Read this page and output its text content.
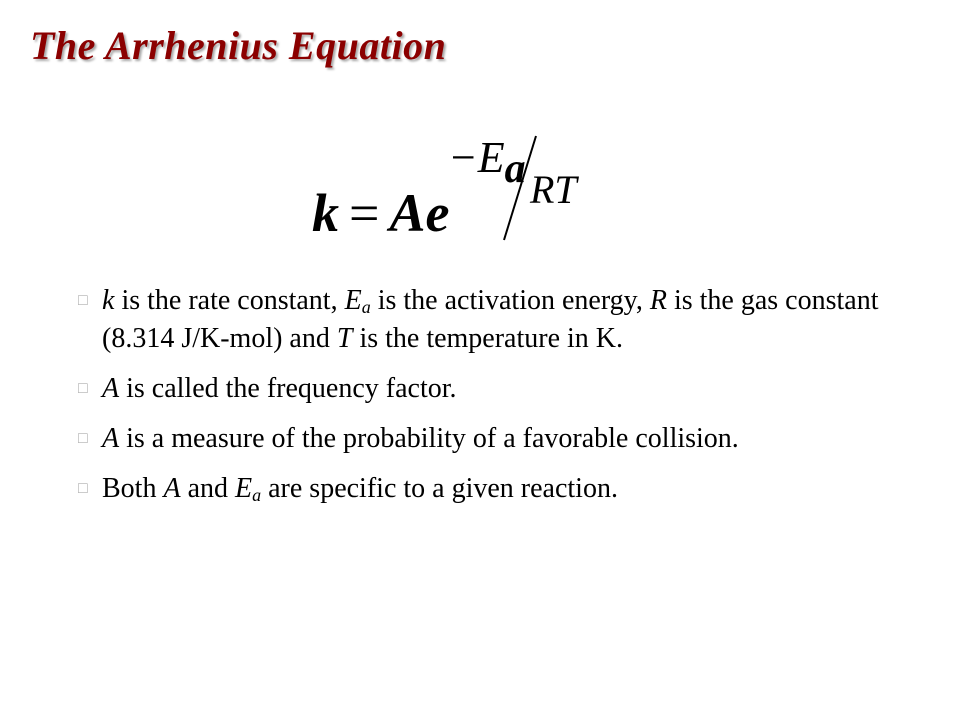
The Arrhenius Equation
k = Ae
−Ea RT
□ k is the rate constant, $E_a$ is the activation energy, R is the gas constant (8.314 J/K-mol) and T is the temperature in K.
□ A is called the frequency factor.
□ A is a measure of the probability of a favorable collision.
□ Both A and $E_a$ are specific to a given reaction.
